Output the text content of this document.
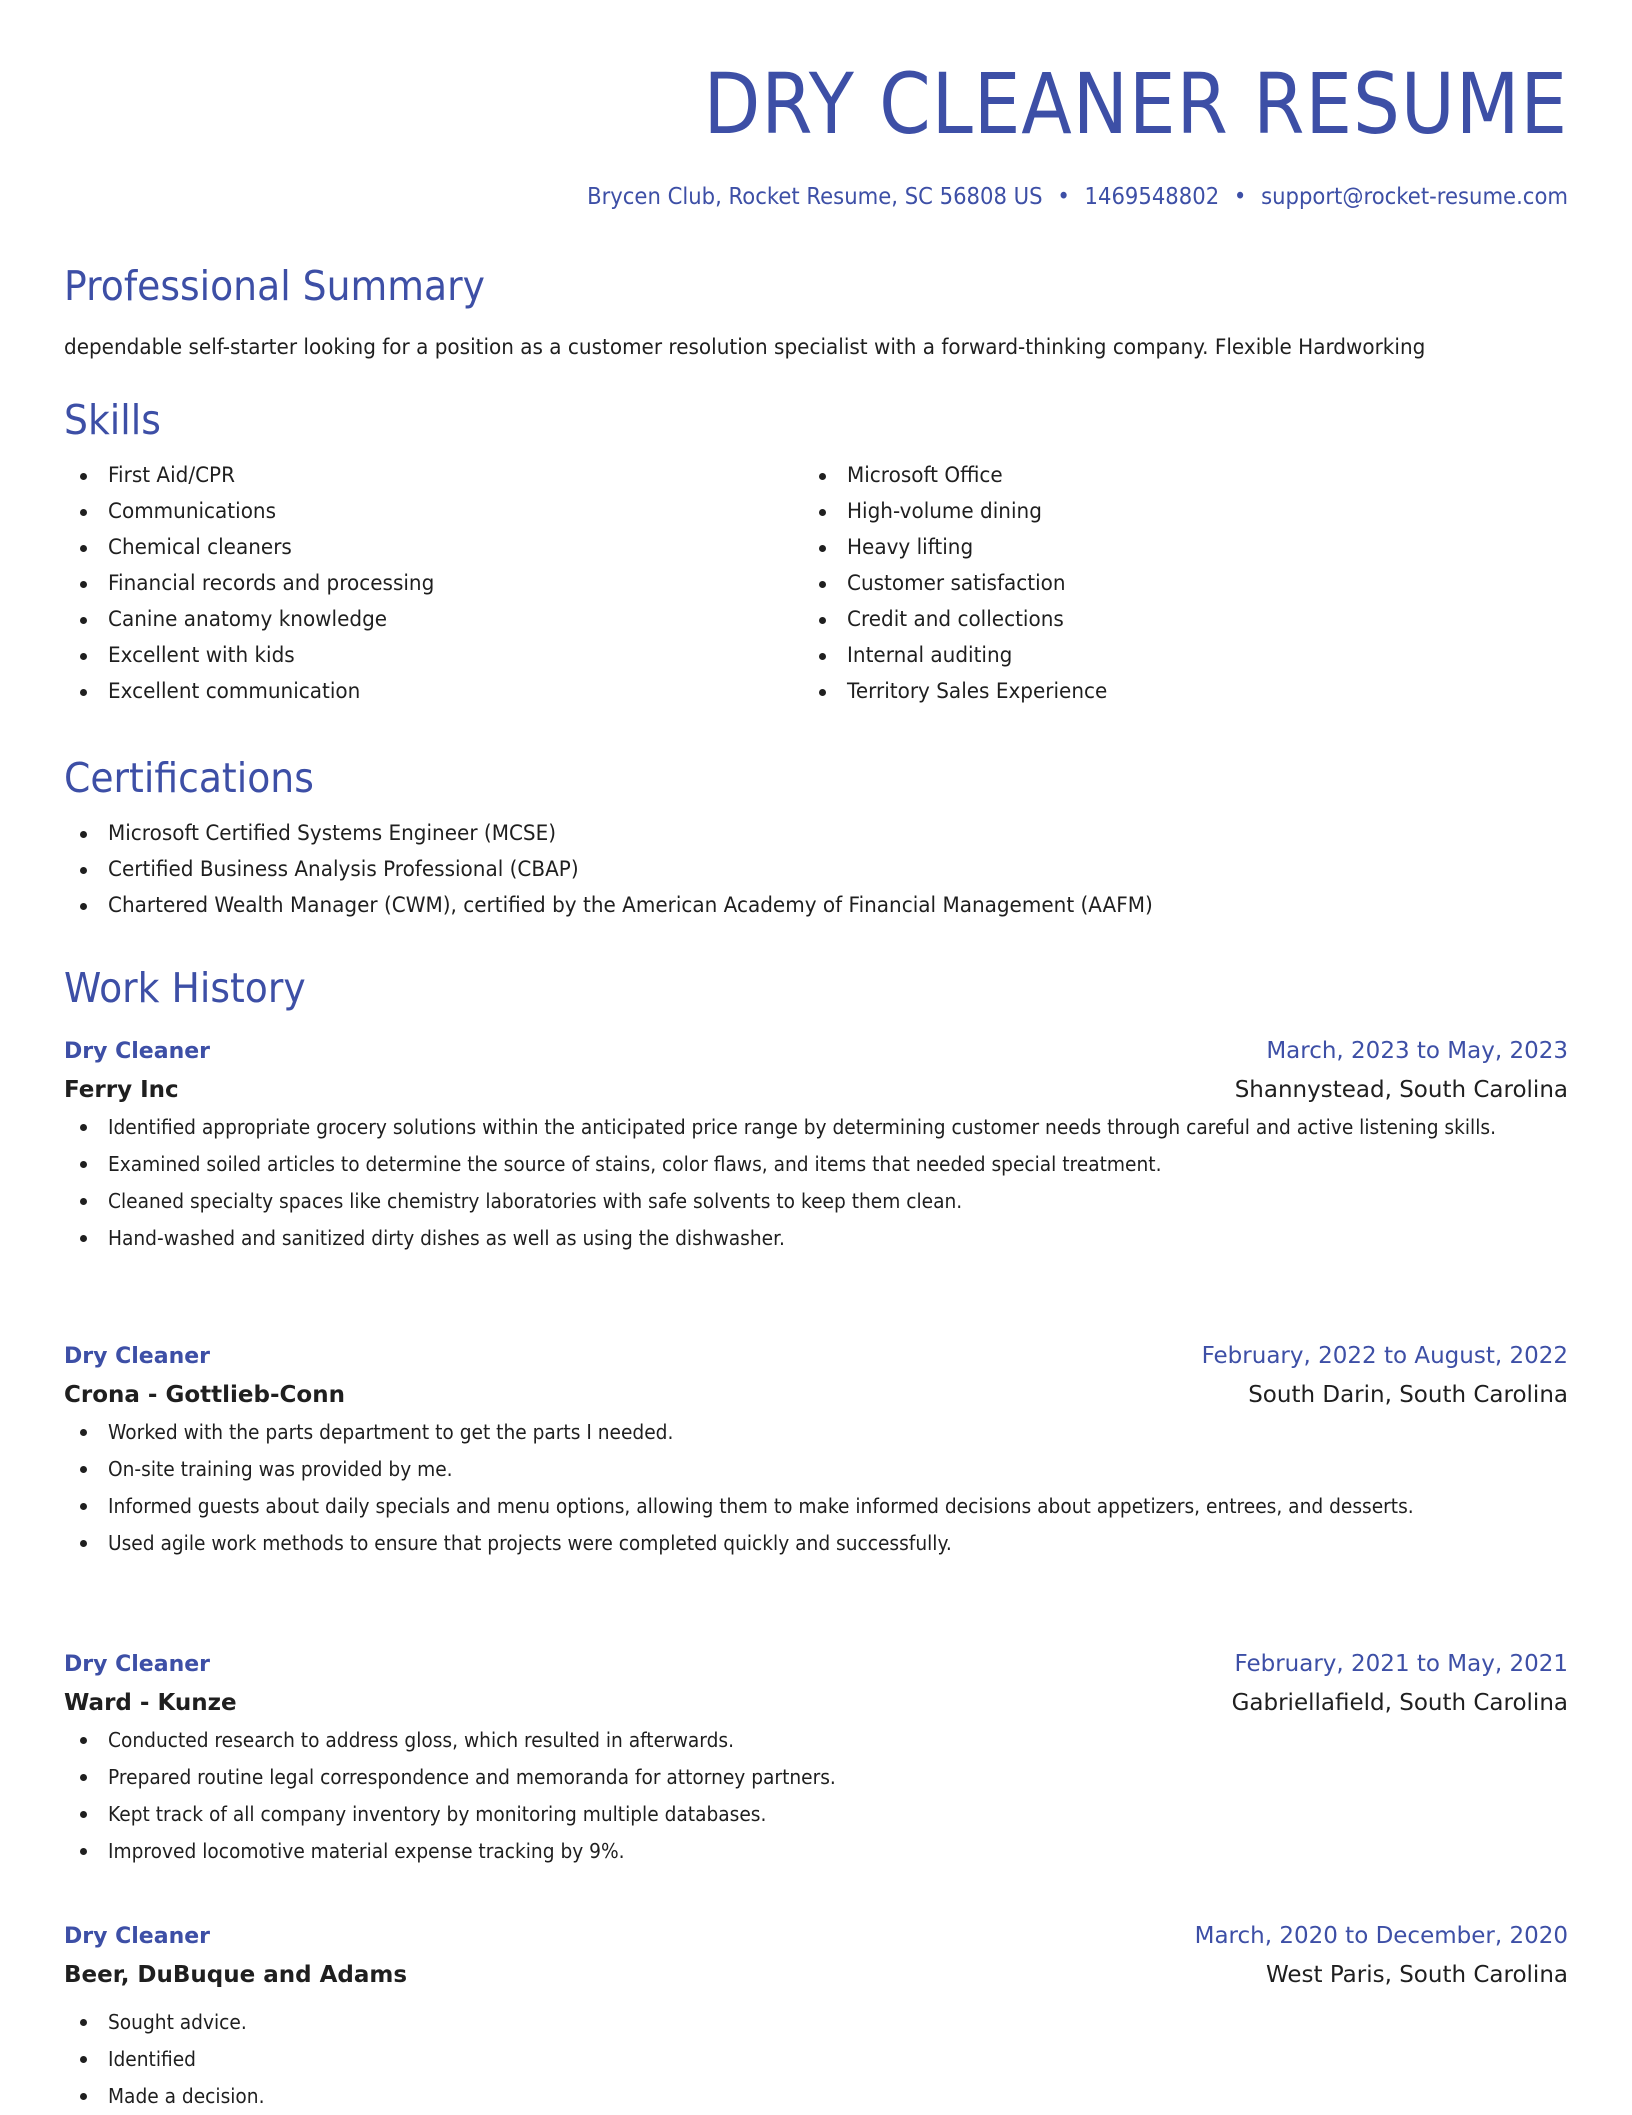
DRY CLEANER RESUME
Brycen Club, Rocket Resume, SC 56808 US • 1469548802 • support@rocket-resume.com
Professional Summary
dependable self-starter looking for a position as a customer resolution specialist with a forward-thinking company. Flexible Hardworking
Skills
First Aid/CPR
Communications
Chemical cleaners
Financial records and processing
Canine anatomy knowledge
Excellent with kids
Excellent communication
Microsoft Office
High-volume dining
Heavy lifting
Customer satisfaction
Credit and collections
Internal auditing
Territory Sales Experience
Certifications
Microsoft Certified Systems Engineer (MCSE)
Certified Business Analysis Professional (CBAP)
Chartered Wealth Manager (CWM), certified by the American Academy of Financial Management (AAFM)
Work History
Dry Cleaner	March, 2023 to May, 2023
Ferry Inc	Shannystead, South Carolina
Identified appropriate grocery solutions within the anticipated price range by determining customer needs through careful and active listening skills.
Examined soiled articles to determine the source of stains, color flaws, and items that needed special treatment.
Cleaned specialty spaces like chemistry laboratories with safe solvents to keep them clean.
Hand-washed and sanitized dirty dishes as well as using the dishwasher.
Dry Cleaner	February, 2022 to August, 2022
Crona - Gottlieb-Conn	South Darin, South Carolina
Worked with the parts department to get the parts I needed.
On-site training was provided by me.
Informed guests about daily specials and menu options, allowing them to make informed decisions about appetizers, entrees, and desserts.
Used agile work methods to ensure that projects were completed quickly and successfully.
Dry Cleaner	February, 2021 to May, 2021
Ward - Kunze	Gabriellafield, South Carolina
Conducted research to address gloss, which resulted in afterwards.
Prepared routine legal correspondence and memoranda for attorney partners.
Kept track of all company inventory by monitoring multiple databases.
Improved locomotive material expense tracking by 9%.
Dry Cleaner	March, 2020 to December, 2020
Beer, DuBuque and Adams	West Paris, South Carolina
Sought advice.
Identified
Made a decision.
